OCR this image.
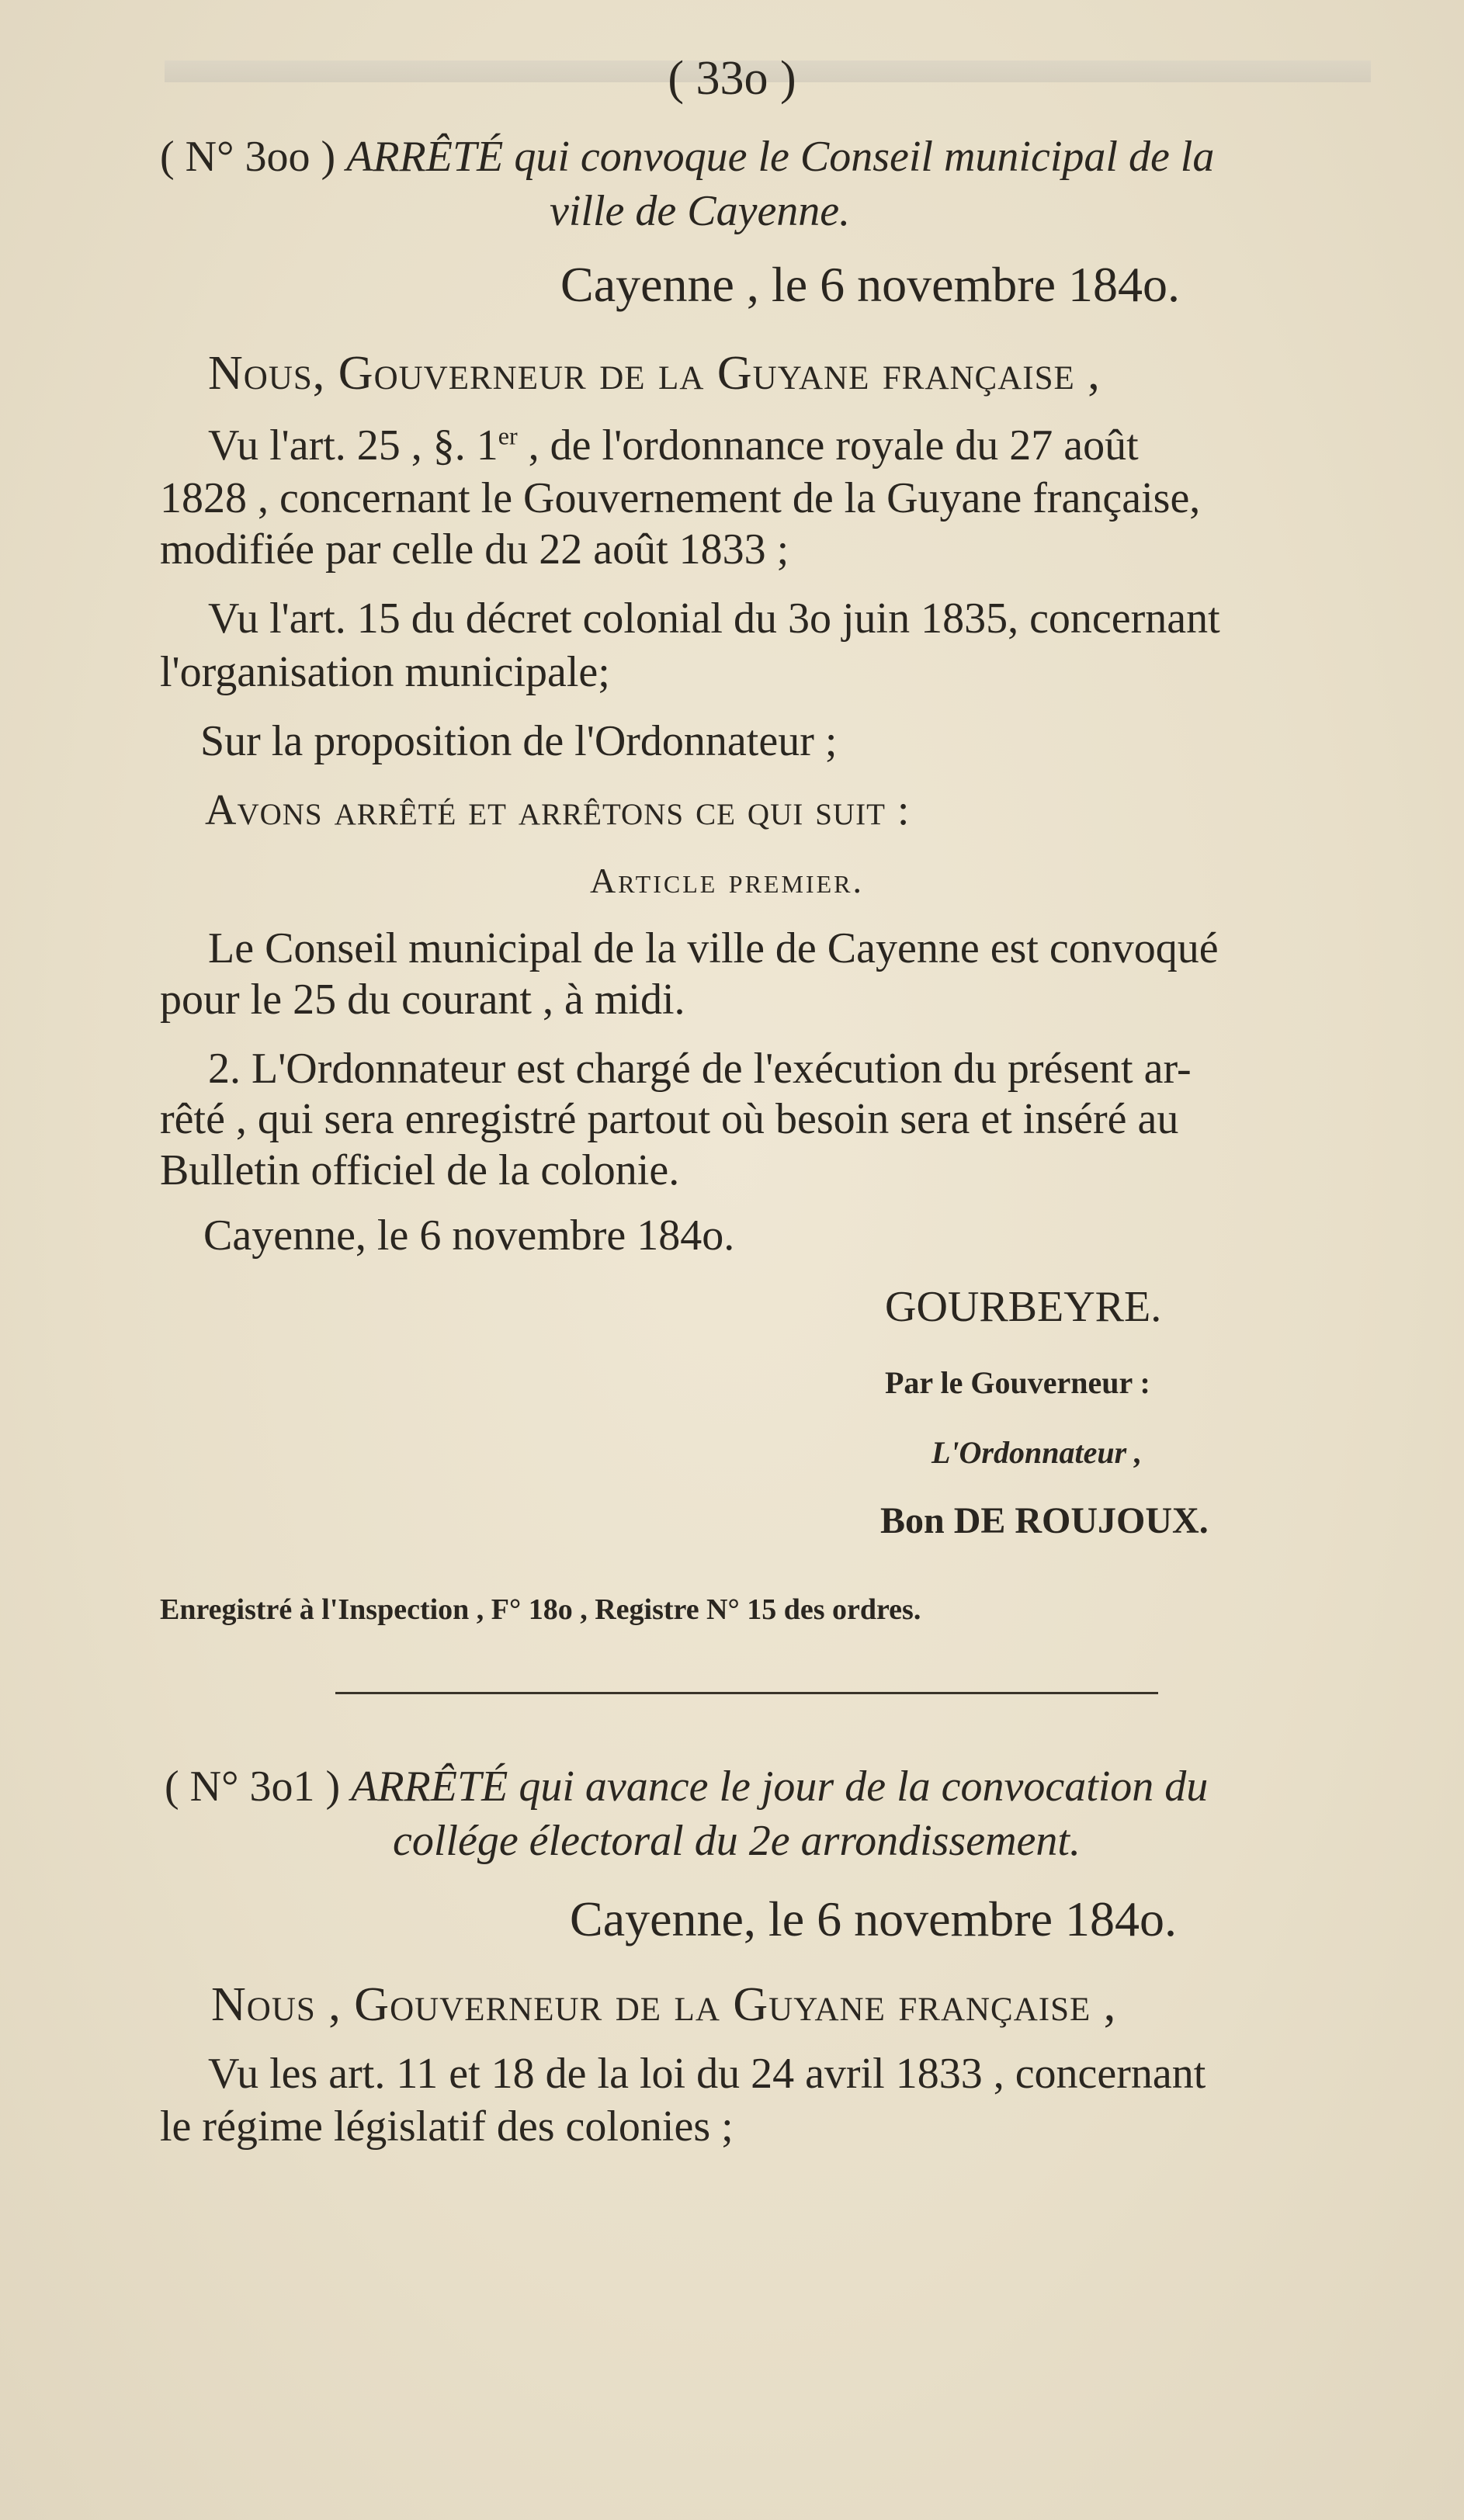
( 33o )
( N° 3oo ) ARRÊTÉ qui convoque le Conseil municipal de la
ville de Cayenne.
Cayenne , le 6 novembre 184o.
Nous, Gouverneur de la Guyane française ,
Vu l'art. 25 , §. 1er , de l'ordonnance royale du 27 août
1828 , concernant le Gouvernement de la Guyane française,
modifiée par celle du 22 août 1833 ;
Vu l'art. 15 du décret colonial du 3o juin 1835, concernant
l'organisation municipale;
Sur la proposition de l'Ordonnateur ;
Avons arrêté et arrêtons ce qui suit :
Article premier.
Le Conseil municipal de la ville de Cayenne est convoqué
pour le 25 du courant , à midi.
2. L'Ordonnateur est chargé de l'exécution du présent ar-
rêté , qui sera enregistré partout où besoin sera et inséré au
Bulletin officiel de la colonie.
Cayenne, le 6 novembre 184o.
GOURBEYRE.
Par le Gouverneur :
L'Ordonnateur ,
Bon DE ROUJOUX.
Enregistré à l'Inspection , F° 18o , Registre N° 15 des ordres.
( N° 3o1 ) ARRÊTÉ qui avance le jour de la convocation du
collége électoral du 2e arrondissement.
Cayenne, le 6 novembre 184o.
Nous , Gouverneur de la Guyane française ,
Vu les art. 11 et 18 de la loi du 24 avril 1833 , concernant
le régime législatif des colonies ;
